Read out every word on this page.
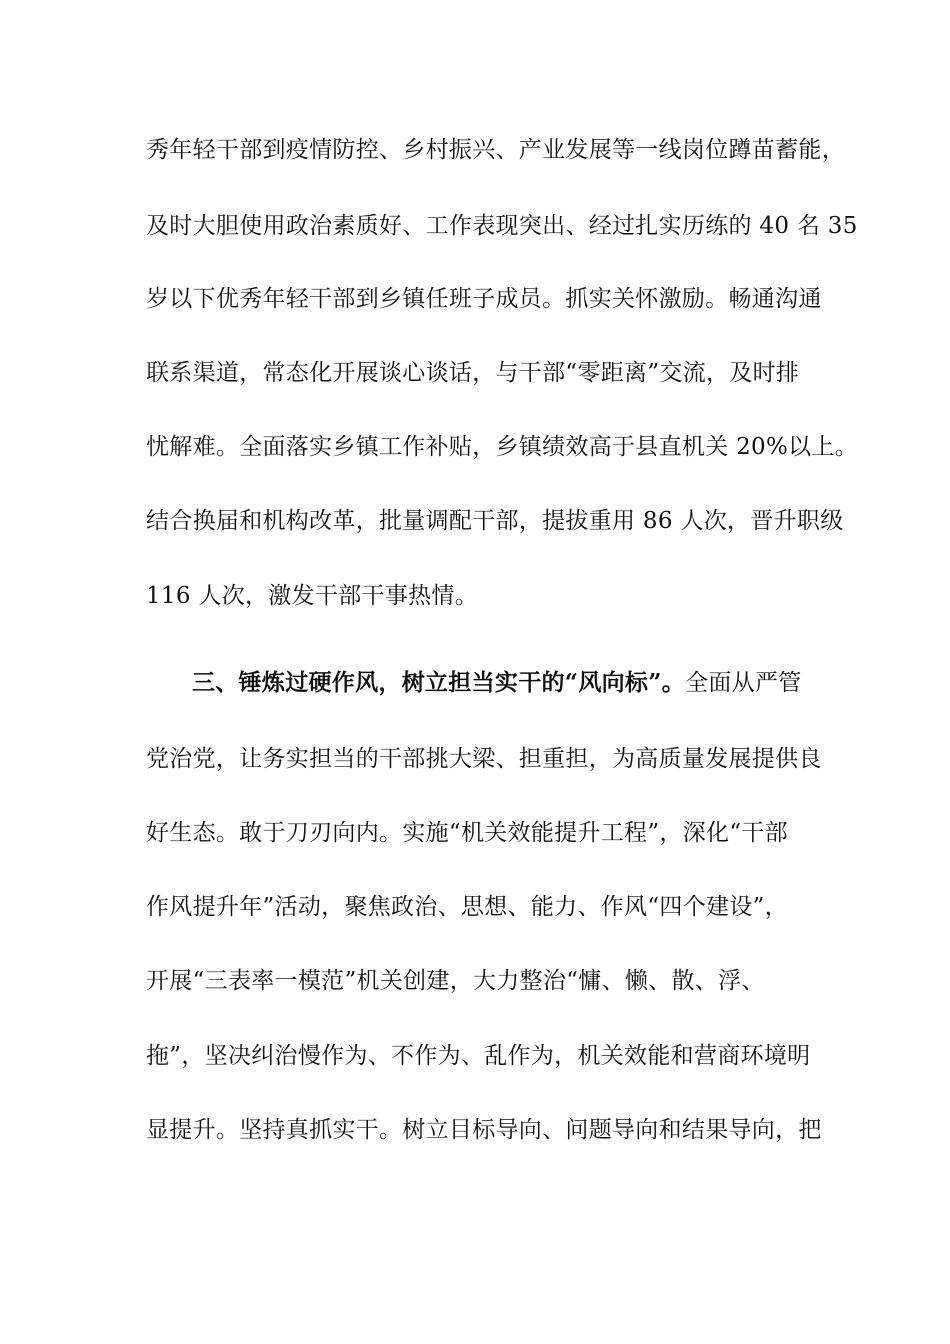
秀年轻干部到疫情防控、乡村振兴、产业发展等一线岗位蹲苗蓄能，
及时大胆使用政治素质好、工作表现突出、经过扎实历练的 40 名 35
岁以下优秀年轻干部到乡镇任班子成员。抓实关怀激励。畅通沟通
联系渠道，常态化开展谈心谈话，与干部“零距离”交流，及时排
忧解难。全面落实乡镇工作补贴，乡镇绩效高于县直机关 20%以上。
结合换届和机构改革，批量调配干部，提拔重用 86 人次，晋升职级
116 人次，激发干部干事热情。
三、锤炼过硬作风，树立担当实干的“风向标”。全面从严管
党治党，让务实担当的干部挑大梁、担重担，为高质量发展提供良
好生态。敢于刀刃向内。实施“机关效能提升工程”，深化“干部
作风提升年”活动，聚焦政治、思想、能力、作风“四个建设”，
开展“三表率一模范”机关创建，大力整治“慵、懒、散、浮、
拖”，坚决纠治慢作为、不作为、乱作为，机关效能和营商环境明
显提升。坚持真抓实干。树立目标导向、问题导向和结果导向，把
